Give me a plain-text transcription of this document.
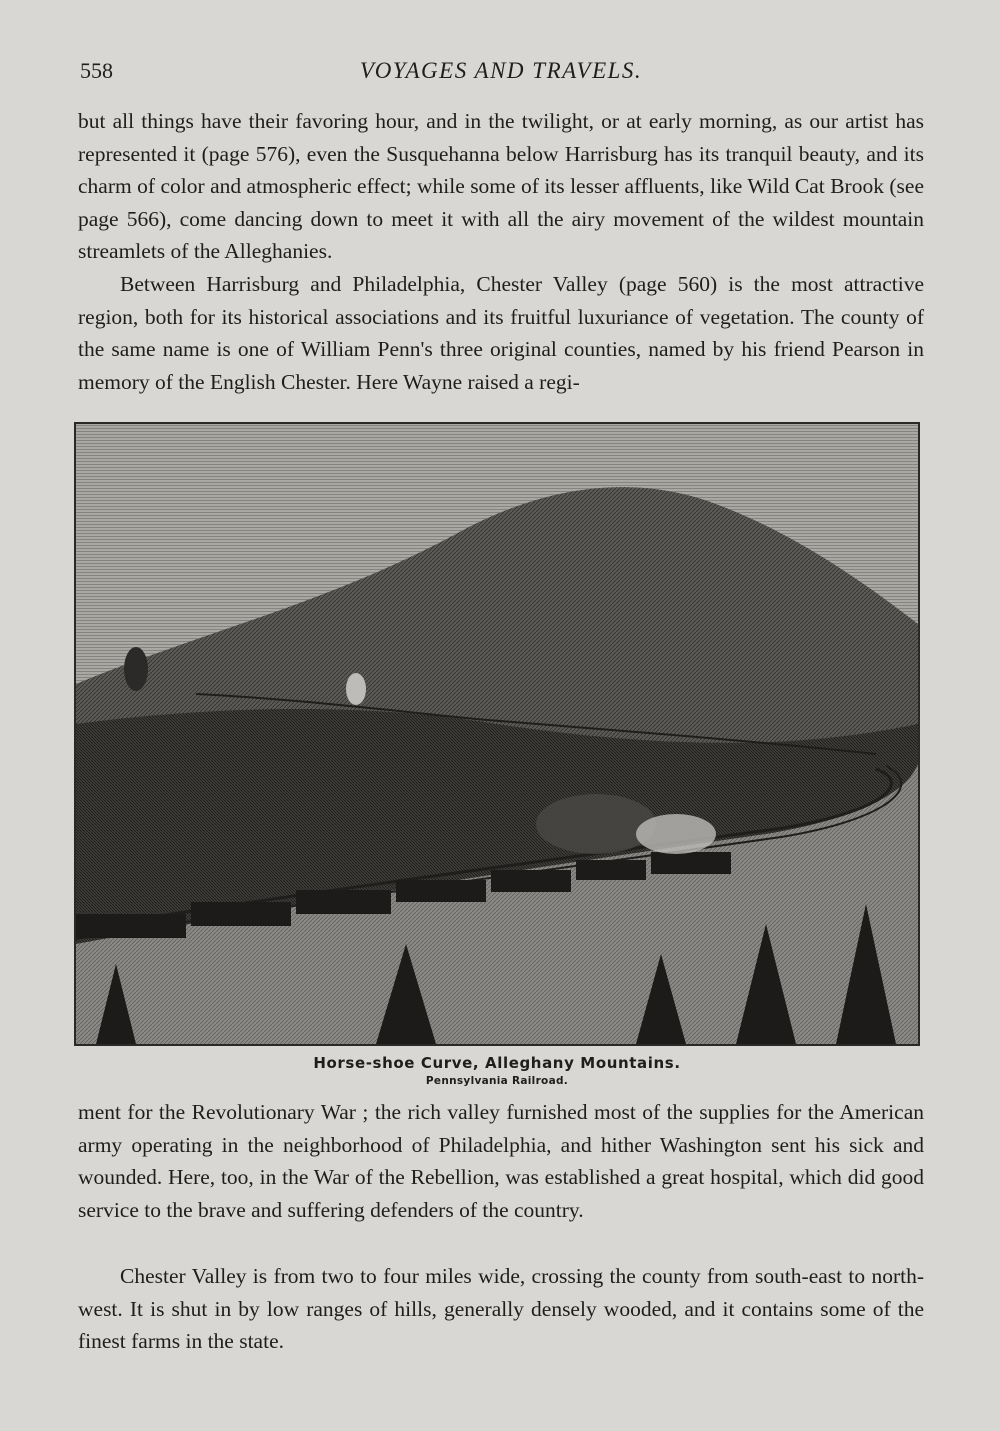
558	VOYAGES AND TRAVELS.

but all things have their favoring hour, and in the twilight, or at early morning, as our artist has represented it (page 576), even the Susquehanna below Harrisburg has its tranquil beauty, and its charm of color and atmospheric effect; while some of its lesser affluents, like Wild Cat Brook (see page 566), come dancing down to meet it with all the airy movement of the wildest mountain streamlets of the Alleghanies.

Between Harrisburg and Philadelphia, Chester Valley (page 560) is the most attractive region, both for its historical associations and its fruitful luxuriance of vegetation. The county of the same name is one of William Penn's three original counties, named by his friend Pearson in memory of the English Chester. Here Wayne raised a regi-

Horse-shoe Curve, Alleghany Mountains.
Pennsylvania Railroad.

ment for the Revolutionary War ; the rich valley furnished most of the supplies for the American army operating in the neighborhood of Philadelphia, and hither Washington sent his sick and wounded. Here, too, in the War of the Rebellion, was established a great hospital, which did good service to the brave and suffering defenders of the country.

Chester Valley is from two to four miles wide, crossing the county from south-east to north-west. It is shut in by low ranges of hills, generally densely wooded, and it contains some of the finest farms in the state.
